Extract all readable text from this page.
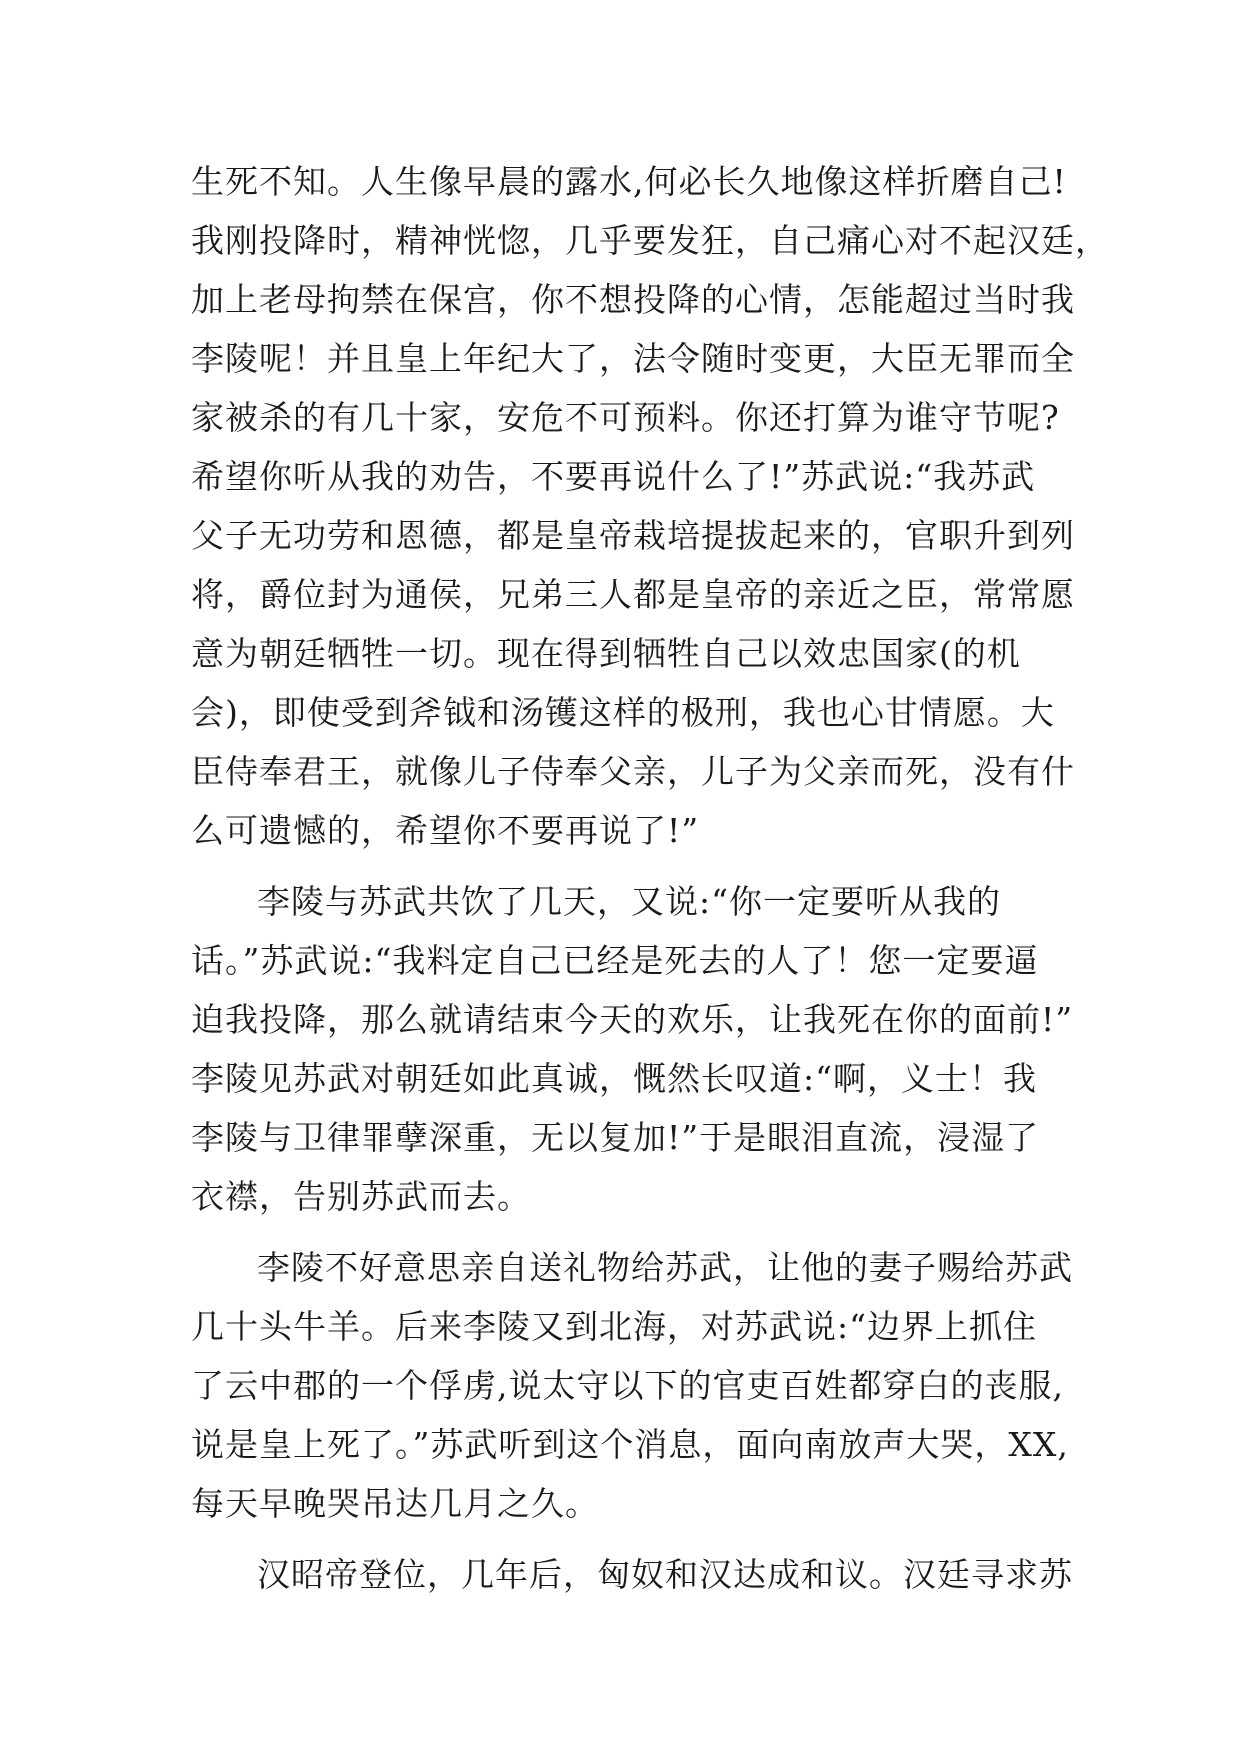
生死不知。人生像早晨的露水,何必长久地像这样折磨自己!
我刚投降时，精神恍惚，几乎要发狂，自己痛心对不起汉廷，
加上老母拘禁在保宫，你不想投降的心情，怎能超过当时我
李陵呢！并且皇上年纪大了，法令随时变更，大臣无罪而全
家被杀的有几十家，安危不可预料。你还打算为谁守节呢?
希望你听从我的劝告，不要再说什么了!”苏武说:“我苏武
父子无功劳和恩德，都是皇帝栽培提拔起来的，官职升到列
将，爵位封为通侯，兄弟三人都是皇帝的亲近之臣，常常愿
意为朝廷牺牲一切。现在得到牺牲自己以效忠国家(的机
会)，即使受到斧钺和汤镬这样的极刑，我也心甘情愿。大
臣侍奉君王，就像儿子侍奉父亲，儿子为父亲而死，没有什
么可遗憾的，希望你不要再说了!”
李陵与苏武共饮了几天，又说:“你一定要听从我的
话。”苏武说:“我料定自己已经是死去的人了！您一定要逼
迫我投降，那么就请结束今天的欢乐，让我死在你的面前!”
李陵见苏武对朝廷如此真诚，慨然长叹道:“啊，义士！我
李陵与卫律罪孽深重，无以复加!”于是眼泪直流，浸湿了
衣襟，告别苏武而去。
李陵不好意思亲自送礼物给苏武，让他的妻子赐给苏武
几十头牛羊。后来李陵又到北海，对苏武说:“边界上抓住
了云中郡的一个俘虏,说太守以下的官吏百姓都穿白的丧服,
说是皇上死了。”苏武听到这个消息，面向南放声大哭，XX,
每天早晚哭吊达几月之久。
汉昭帝登位，几年后，匈奴和汉达成和议。汉廷寻求苏
